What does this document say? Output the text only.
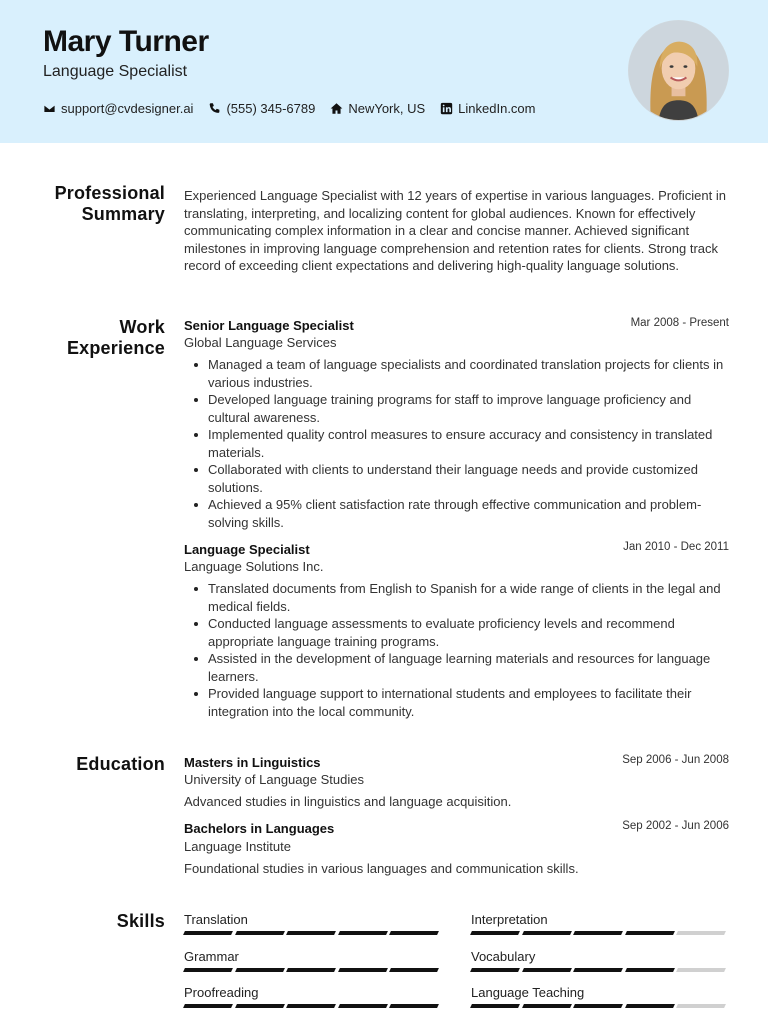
Mary Turner
Language Specialist
support@cvdesigner.ai	(555) 345-6789	NewYork, US	LinkedIn.com
Professional
Summary
Experienced Language Specialist with 12 years of expertise in various languages. Proficient in translating, interpreting, and localizing content for global audiences. Known for effectively communicating complex information in a clear and concise manner. Achieved significant milestones in improving language comprehension and retention rates for clients. Strong track record of exceeding client expectations and delivering high-quality language solutions.
Work
Experience
Senior Language Specialist	Mar 2008 - Present
Global Language Services
Managed a team of language specialists and coordinated translation projects for clients in various industries.
Developed language training programs for staff to improve language proficiency and cultural awareness.
Implemented quality control measures to ensure accuracy and consistency in translated materials.
Collaborated with clients to understand their language needs and provide customized solutions.
Achieved a 95% client satisfaction rate through effective communication and problem-solving skills.
Language Specialist	Jan 2010 - Dec 2011
Language Solutions Inc.
Translated documents from English to Spanish for a wide range of clients in the legal and medical fields.
Conducted language assessments to evaluate proficiency levels and recommend appropriate language training programs.
Assisted in the development of language learning materials and resources for language learners.
Provided language support to international students and employees to facilitate their integration into the local community.
Education Masters in Linguistics	Sep 2006 - Jun 2008
University of Language Studies
Advanced studies in linguistics and language acquisition.
Bachelors in Languages	Sep 2002 - Jun 2006
Language Institute
Foundational studies in various languages and communication skills.
Skills Translation	Interpretation
Grammar	Vocabulary
Proofreading	Language Teaching
